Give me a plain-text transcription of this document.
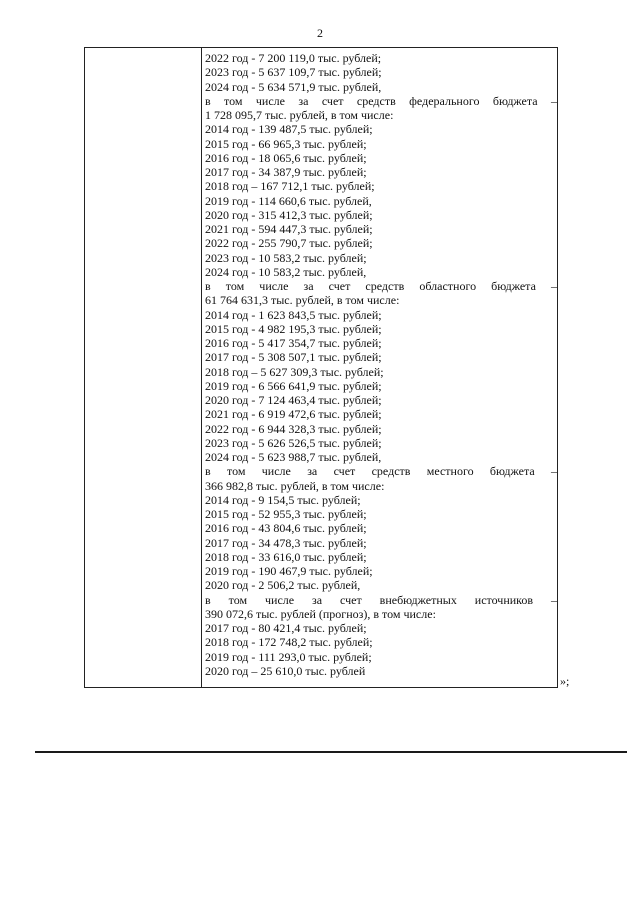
2
2022 год - 7 200 119,0 тыс. рублей;
2023 год - 5 637 109,7 тыс. рублей;
2024 год - 5 634 571,9 тыс. рублей,
в том числе за счет средств федерального бюджета –
1 728 095,7 тыс. рублей, в том числе:
2014 год - 139 487,5 тыс. рублей;
2015 год - 66 965,3 тыс. рублей;
2016 год - 18 065,6 тыс. рублей;
2017 год - 34 387,9 тыс. рублей;
2018 год – 167 712,1 тыс. рублей;
2019 год - 114 660,6 тыс. рублей,
2020 год - 315 412,3 тыс. рублей;
2021 год - 594 447,3 тыс. рублей;
2022 год - 255 790,7 тыс. рублей;
2023 год - 10 583,2 тыс. рублей;
2024 год - 10 583,2 тыс. рублей,
в том числе за счет средств областного бюджета –
61 764 631,3 тыс. рублей, в том числе:
2014 год - 1 623 843,5 тыс. рублей;
2015 год - 4 982 195,3 тыс. рублей;
2016 год - 5 417 354,7 тыс. рублей;
2017 год - 5 308 507,1 тыс. рублей;
2018 год – 5 627 309,3 тыс. рублей;
2019 год - 6 566 641,9 тыс. рублей;
2020 год - 7 124 463,4 тыс. рублей;
2021 год - 6 919 472,6 тыс. рублей;
2022 год - 6 944 328,3 тыс. рублей;
2023 год - 5 626 526,5 тыс. рублей;
2024 год - 5 623 988,7 тыс. рублей,
в том числе за счет средств местного бюджета –
366 982,8 тыс. рублей, в том числе:
2014 год - 9 154,5 тыс. рублей;
2015 год - 52 955,3 тыс. рублей;
2016 год - 43 804,6 тыс. рублей;
2017 год - 34 478,3 тыс. рублей;
2018 год - 33 616,0 тыс. рублей;
2019 год - 190 467,9 тыс. рублей;
2020 год - 2 506,2 тыс. рублей,
в том числе за счет внебюджетных источников –
390 072,6 тыс. рублей (прогноз), в том числе:
2017 год - 80 421,4 тыс. рублей;
2018 год - 172 748,2 тыс. рублей;
2019 год - 111 293,0 тыс. рублей;
2020 год – 25 610,0 тыс. рублей
»;
